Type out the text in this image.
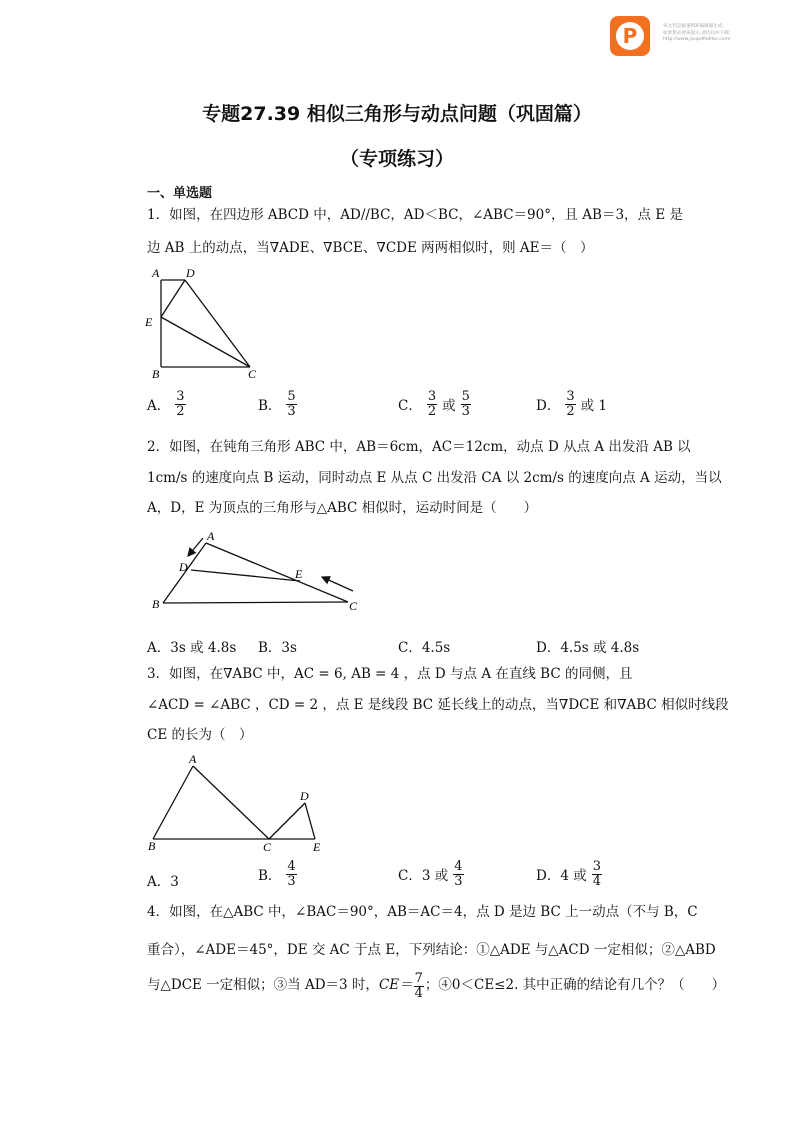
P	该文档是极速PDF编辑器生成,
如果想去掉该提示,请访问并下载:
http://www.jisupdfeditor.com/
专题27.39 相似三角形与动点问题（巩固篇）
（专项练习）
一、单选题
1．如图，在四边形 ABCD 中，AD//BC，AD＜BC，∠ABC＝90°，且 AB＝3，点 E 是
边 AB 上的动点，当∇ADE、∇BCE、∇CDE 两两相似时，则 AE＝（　）
A D
E
B	C
A． $\frac{3}{2}$	B． $\frac{5}{3}$	C． $\frac{3}{2}$ 或 $\frac{5}{3}$	D． $\frac{3}{2}$ 或 1
2．如图，在钝角三角形 ABC 中，AB＝6cm，AC＝12cm，动点 D 从点 A 出发沿 AB 以
1cm/s 的速度向点 B 运动，同时动点 E 从点 C 出发沿 CA 以 2cm/s 的速度向点 A 运动，当以
A，D，E 为顶点的三角形与△ABC 相似时，运动时间是（　　）
A
D	E
B	C
A．3s 或 4.8s B．3s	C．4.5s	D．4.5s 或 4.8s
3．如图，在∇ABC 中，AC = 6, AB = 4 ，点 D 与点 A 在直线 BC 的同侧，且
∠ACD = ∠ABC ，CD = 2 ，点 E 是线段 BC 延长线上的动点，当∇DCE 和∇ABC 相似时线段
CE 的长为（　）
A
D
B	C	E
A．3	B． $\frac{4}{3}$	C．3 或 $\frac{4}{3}$	D．4 或 $\frac{3}{4}$
4．如图，在△ABC 中，∠BAC＝90°，AB＝AC＝4，点 D 是边 BC 上一动点（不与 B，C
重合），∠ADE＝45°，DE 交 AC 于点 E，下列结论：①△ADE 与△ACD 一定相似；②△ABD
与△DCE 一定相似；③当 AD＝3 时， $CE= \frac{7}{4}$ ；④0＜CE≤2. 其中正确的结论有几个？（　　）
